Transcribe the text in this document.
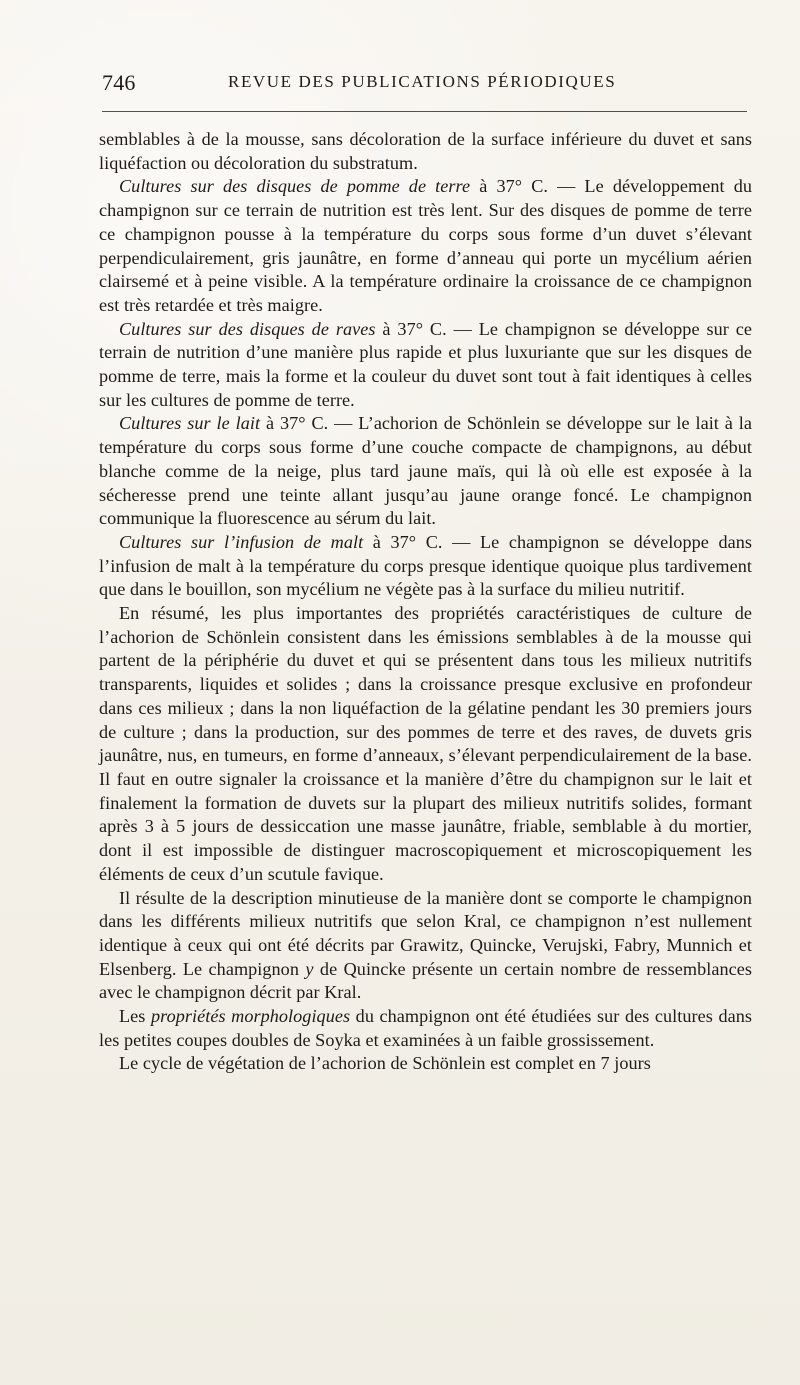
746	REVUE DES PUBLICATIONS PÉRIODIQUES

semblables à de la mousse, sans décoloration de la surface inférieure du duvet et sans liquéfaction ou décoloration du substratum.

Cultures sur des disques de pomme de terre à 37° C. — Le développement du champignon sur ce terrain de nutrition est très lent. Sur des disques de pomme de terre ce champignon pousse à la température du corps sous forme d’un duvet s’élevant perpendiculairement, gris jaunâtre, en forme d’anneau qui porte un mycélium aérien clairsemé et à peine visible. A la température ordinaire la croissance de ce champignon est très retardée et très maigre.

Cultures sur des disques de raves à 37° C. — Le champignon se développe sur ce terrain de nutrition d’une manière plus rapide et plus luxuriante que sur les disques de pomme de terre, mais la forme et la couleur du duvet sont tout à fait identiques à celles sur les cultures de pomme de terre.

Cultures sur le lait à 37° C. — L’achorion de Schönlein se développe sur le lait à la température du corps sous forme d’une couche compacte de champignons, au début blanche comme de la neige, plus tard jaune maïs, qui là où elle est exposée à la sécheresse prend une teinte allant jusqu’au jaune orange foncé. Le champignon communique la fluorescence au sérum du lait.

Cultures sur l’infusion de malt à 37° C. — Le champignon se développe dans l’infusion de malt à la température du corps presque identique quoique plus tardivement que dans le bouillon, son mycélium ne végète pas à la surface du milieu nutritif.

En résumé, les plus importantes des propriétés caractéristiques de culture de l’achorion de Schönlein consistent dans les émissions semblables à de la mousse qui partent de la périphérie du duvet et qui se présentent dans tous les milieux nutritifs transparents, liquides et solides ; dans la croissance presque exclusive en profondeur dans ces milieux ; dans la non liquéfaction de la gélatine pendant les 30 premiers jours de culture ; dans la production, sur des pommes de terre et des raves, de duvets gris jaunâtre, nus, en tumeurs, en forme d’anneaux, s’élevant perpendiculairement de la base. Il faut en outre signaler la croissance et la manière d’être du champignon sur le lait et finalement la formation de duvets sur la plupart des milieux nutritifs solides, formant après 3 à 5 jours de dessiccation une masse jaunâtre, friable, semblable à du mortier, dont il est impossible de distinguer macroscopiquement et microscopiquement les éléments de ceux d’un scutule favique.

Il résulte de la description minutieuse de la manière dont se comporte le champignon dans les différents milieux nutritifs que selon Kral, ce champignon n’est nullement identique à ceux qui ont été décrits par Grawitz, Quincke, Verujski, Fabry, Munnich et Elsenberg. Le champignon y de Quincke présente un certain nombre de ressemblances avec le champignon décrit par Kral.

Les propriétés morphologiques du champignon ont été étudiées sur des cultures dans les petites coupes doubles de Soyka et examinées à un faible grossissement.

Le cycle de végétation de l’achorion de Schönlein est complet en 7 jours
